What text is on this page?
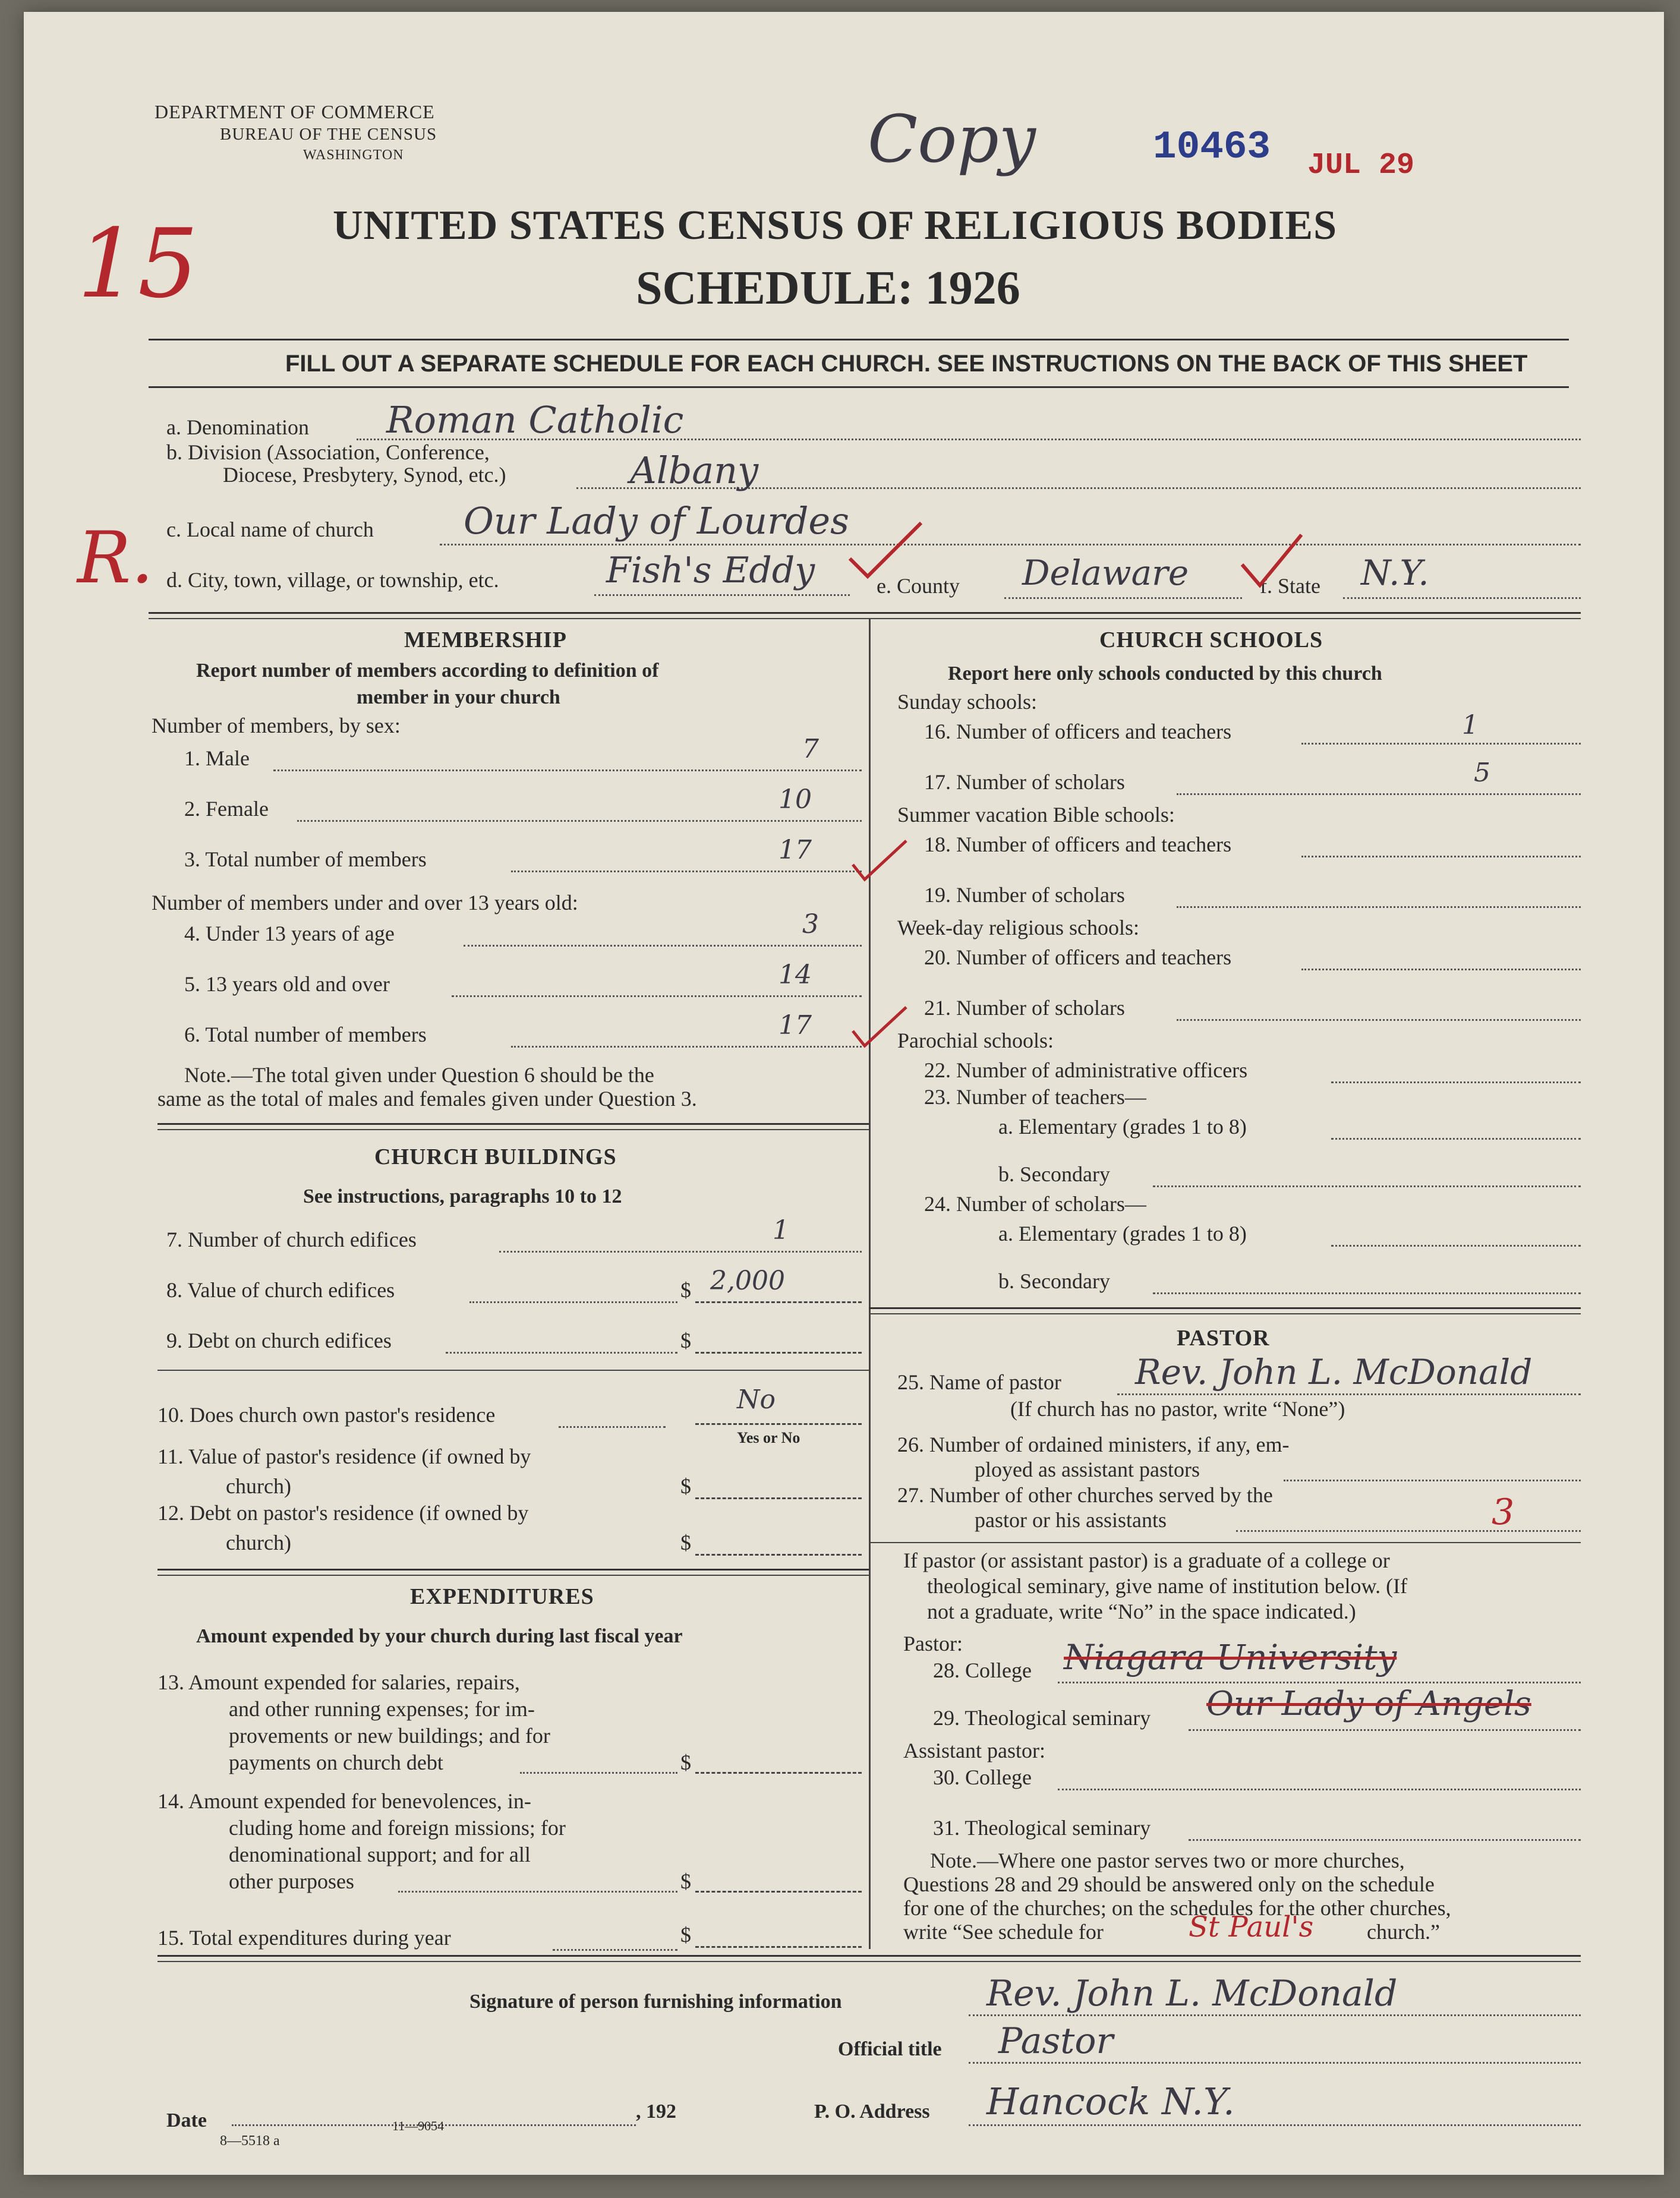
DEPARTMENT OF COMMERCE
BUREAU OF THE CENSUS
WASHINGTON	Copy	10463 JUL 29
15	UNITED STATES CENSUS OF RELIGIOUS BODIES
SCHEDULE: 1926
FILL OUT A SEPARATE SCHEDULE FOR EACH CHURCH. SEE INSTRUCTIONS ON THE BACK OF THIS SHEET
a. Denomination Roman Catholic
b. Division (Association, Conference,
Diocese, Presbytery, Synod, etc.)	Albany
R. c. Local name of church Our Lady of Lourdes
d. City, town, village, or township, etc.	Fish's Eddy	e. County Delaware	f. State N.Y.
MEMBERSHIP
Report number of members according to definition of
member in your church
Number of members, by sex:
1. Male	7
2. Female	10
3. Total number of members	17
Number of members under and over 13 years old:
4. Under 13 years of age	3
5. 13 years old and over	14
6. Total number of members	17
Note.—The total given under Question 6 should be the
same as the total of males and females given under Question 3.
CHURCH BUILDINGS
See instructions, paragraphs 10 to 12
7. Number of church edifices	1
8. Value of church edifices	$ 2,000
9. Debt on church edifices	$
10. Does church own pastor's residence	No
Yes or No
11. Value of pastor's residence (if owned by
church)	$
12. Debt on pastor's residence (if owned by
church)	$
EXPENDITURES
Amount expended by your church during last fiscal year
13. Amount expended for salaries, repairs,
and other running expenses; for im-
provements or new buildings; and for
payments on church debt	$
14. Amount expended for benevolences, in-
cluding home and foreign missions; for
denominational support; and for all
other purposes	$
15. Total expenditures during year	$
CHURCH SCHOOLS
Report here only schools conducted by this church
Sunday schools:
16. Number of officers and teachers	1
17. Number of scholars	5
Summer vacation Bible schools:
18. Number of officers and teachers
19. Number of scholars
Week-day religious schools:
20. Number of officers and teachers
21. Number of scholars
Parochial schools:
22. Number of administrative officers
23. Number of teachers—
a. Elementary (grades 1 to 8)
b. Secondary
24. Number of scholars—
a. Elementary (grades 1 to 8)
b. Secondary
PASTOR
25. Name of pastor Rev. John L. McDonald
(If church has no pastor, write “None”)
26. Number of ordained ministers, if any, em-
ployed as assistant pastors
27. Number of other churches served by the
pastor or his assistants	3
If pastor (or assistant pastor) is a graduate of a college or
theological seminary, give name of institution below. (If
not a graduate, write “No” in the space indicated.)
Pastor:
28. College Niagara University
29. Theological seminary Our Lady of Angels
Assistant pastor:
30. College
31. Theological seminary
Note.—Where one pastor serves two or more churches,
Questions 28 and 29 should be answered only on the schedule
for one of the churches; on the schedules for the other churches,
write “See schedule for	St Paul's church.”
Signature of person furnishing information	Rev. John L. McDonald
Official title Pastor
Date	, 192	P. O. Address Hancock N.Y.
8—5518 a
11—9054
